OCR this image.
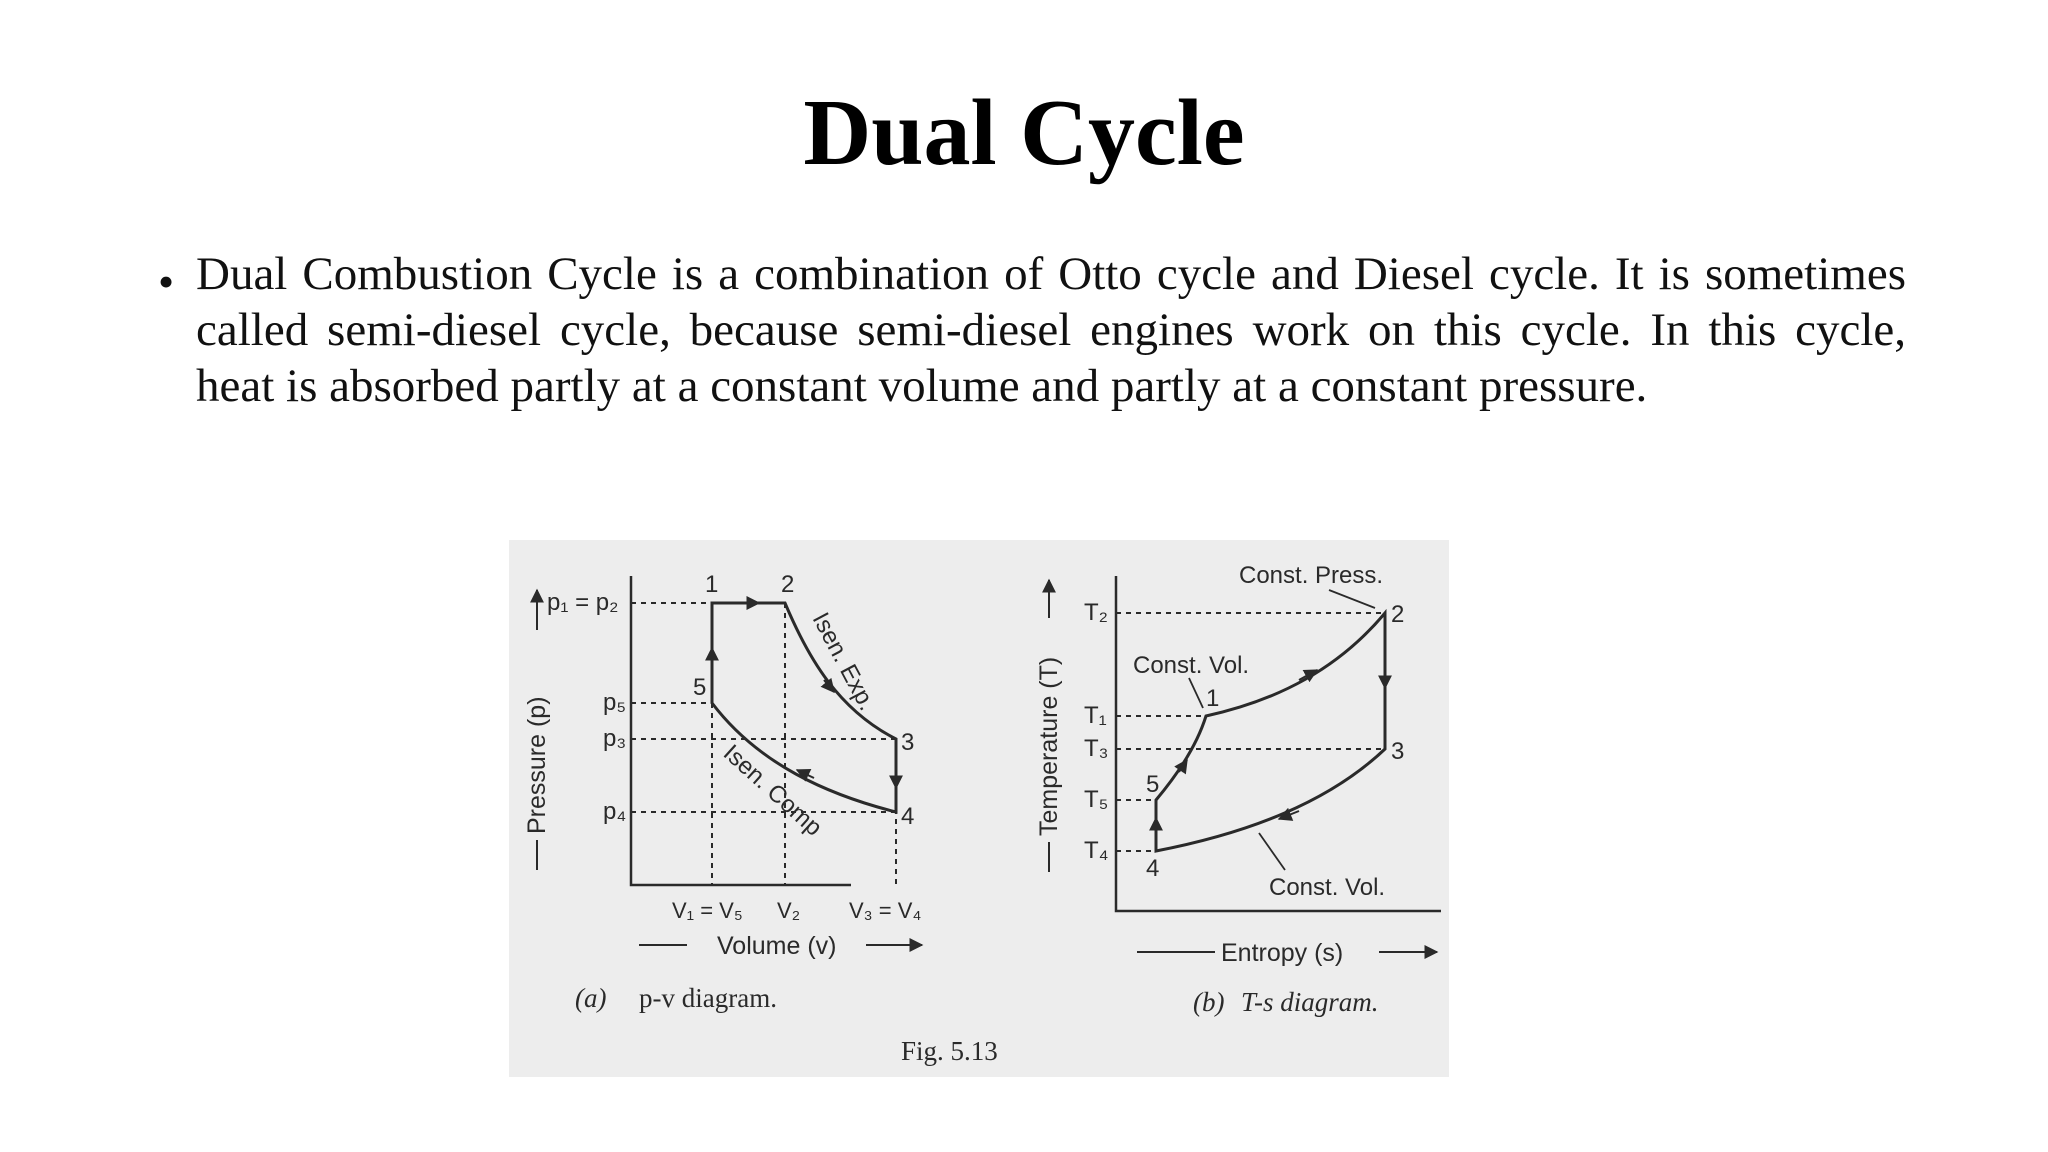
Dual Cycle
• Dual Combustion Cycle is a combination of Otto cycle and Diesel cycle. It is sometimes called semi-diesel cycle, because semi-diesel engines work on this cycle. In this cycle, heat is absorbed partly at a constant volume and partly at a constant pressure.

Pressure (p)
p₁ = p₂
p₅
p₃
p₄
1	2
3
4
5	Isen. Exp.
Isen. Comp
V₁ = V₅ V₂ V₃ = V₄
Volume (v)
(a) p-v diagram.
Temperature (T)
T₂
T₁
T₃
T₅
T₄
1
2
3
4
5
Const. Press.
Const. Vol.
Const. Vol.
Entropy (s)
(b) T-s diagram.
Fig. 5.13
